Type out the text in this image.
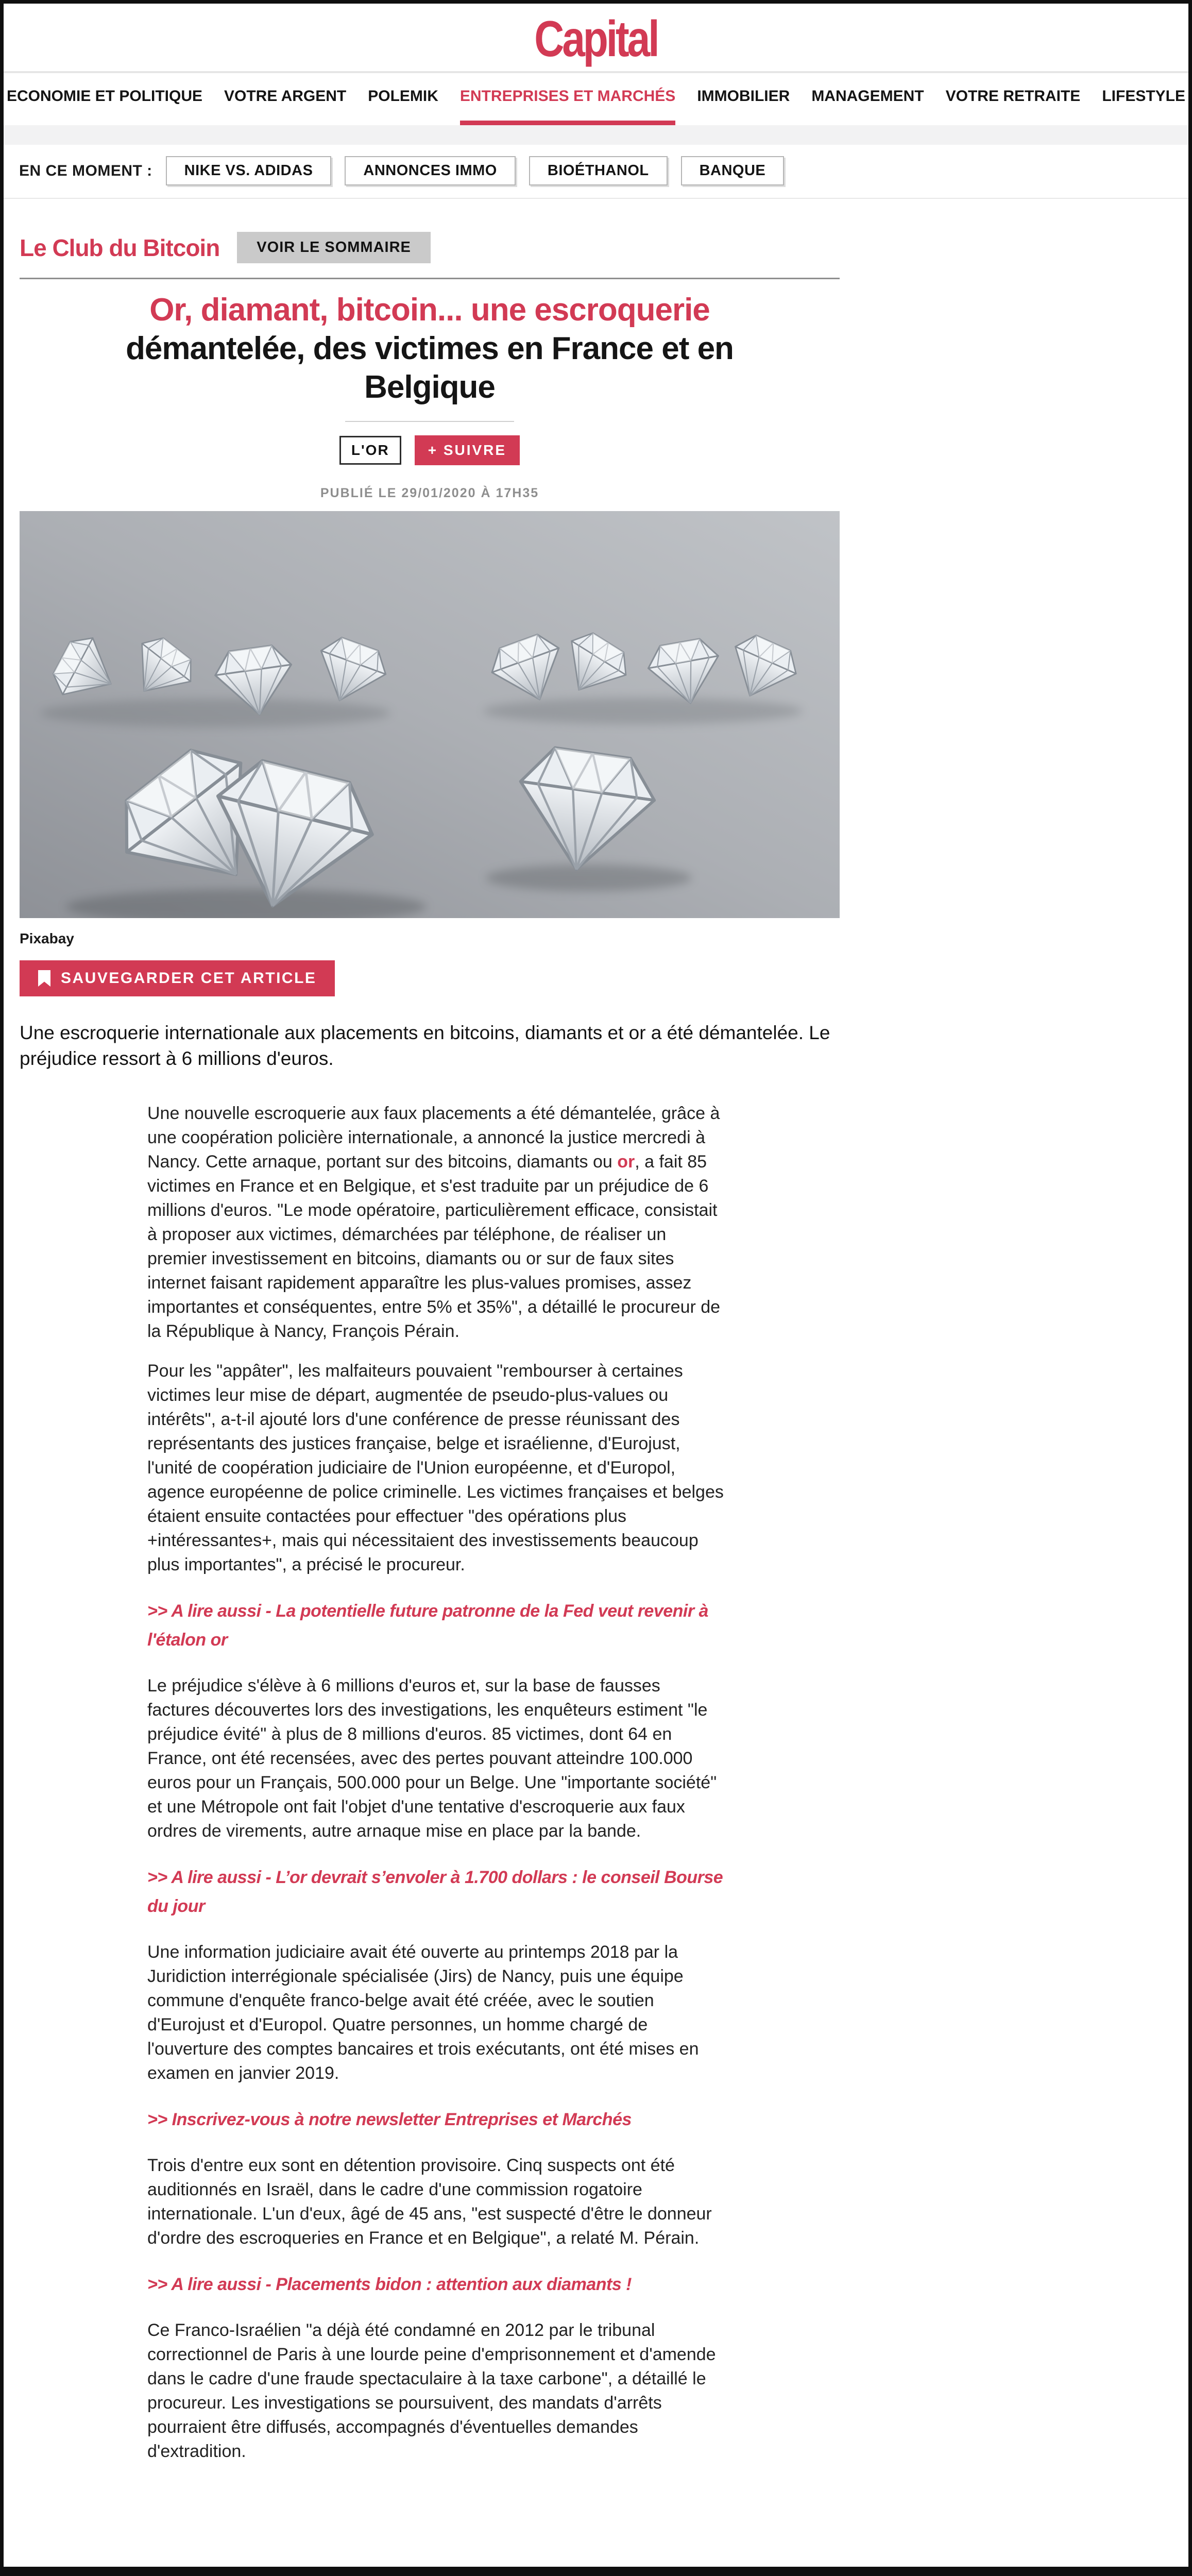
Capital
ECONOMIE ET POLITIQUE VOTRE ARGENT POLEMIK ENTREPRISES ET MARCHÉS IMMOBILIER MANAGEMENT VOTRE RETRAITE LIFESTYLE
EN CE MOMENT :	NIKE VS. ADIDAS	ANNONCES IMMO	BIOÉTHANOL	BANQUE
Le Club du Bitcoin	VOIR LE SOMMAIRE
Or, diamant, bitcoin... une escroquerie
démantelée, des victimes en France et en Belgique
L'OR	+ SUIVRE
PUBLIÉ LE 29/01/2020 À 17H35
Pixabay
SAUVEGARDER CET ARTICLE

Une escroquerie internationale aux placements en bitcoins, diamants et or a été démantelée. Le préjudice ressort à 6 millions d'euros.

Une nouvelle escroquerie aux faux placements a été démantelée, grâce à une coopération policière internationale, a annoncé la justice mercredi à Nancy. Cette arnaque, portant sur des bitcoins, diamants ou or, a fait 85 victimes en France et en Belgique, et s'est traduite par un préjudice de 6 millions d'euros. "Le mode opératoire, particulièrement efficace, consistait à proposer aux victimes, démarchées par téléphone, de réaliser un premier investissement en bitcoins, diamants ou or sur de faux sites internet faisant rapidement apparaître les plus-values promises, assez importantes et conséquentes, entre 5% et 35%", a détaillé le procureur de la République à Nancy, François Pérain.

Pour les "appâter", les malfaiteurs pouvaient "rembourser à certaines victimes leur mise de départ, augmentée de pseudo-plus-values ou intérêts", a-t-il ajouté lors d'une conférence de presse réunissant des représentants des justices française, belge et israélienne, d'Eurojust, l'unité de coopération judiciaire de l'Union européenne, et d'Europol, agence européenne de police criminelle. Les victimes françaises et belges étaient ensuite contactées pour effectuer "des opérations plus +intéressantes+, mais qui nécessitaient des investissements beaucoup plus importantes", a précisé le procureur.

>> A lire aussi - La potentielle future patronne de la Fed veut revenir à l'étalon or

Le préjudice s'élève à 6 millions d'euros et, sur la base de fausses factures découvertes lors des investigations, les enquêteurs estiment "le préjudice évité" à plus de 8 millions d'euros. 85 victimes, dont 64 en France, ont été recensées, avec des pertes pouvant atteindre 100.000 euros pour un Français, 500.000 pour un Belge. Une "importante société" et une Métropole ont fait l'objet d'une tentative d'escroquerie aux faux ordres de virements, autre arnaque mise en place par la bande.

>> A lire aussi - L’or devrait s’envoler à 1.700 dollars : le conseil Bourse du jour

Une information judiciaire avait été ouverte au printemps 2018 par la Juridiction interrégionale spécialisée (Jirs) de Nancy, puis une équipe commune d'enquête franco-belge avait été créée, avec le soutien d'Eurojust et d'Europol. Quatre personnes, un homme chargé de l'ouverture des comptes bancaires et trois exécutants, ont été mises en examen en janvier 2019.

>> Inscrivez-vous à notre newsletter Entreprises et Marchés

Trois d'entre eux sont en détention provisoire. Cinq suspects ont été auditionnés en Israël, dans le cadre d'une commission rogatoire internationale. L'un d'eux, âgé de 45 ans, "est suspecté d'être le donneur d'ordre des escroqueries en France et en Belgique", a relaté M. Pérain.

>> A lire aussi - Placements bidon : attention aux diamants !

Ce Franco-Israélien "a déjà été condamné en 2012 par le tribunal correctionnel de Paris à une lourde peine d'emprisonnement et d'amende dans le cadre d'une fraude spectaculaire à la taxe carbone", a détaillé le procureur. Les investigations se poursuivent, des mandats d'arrêts pourraient être diffusés, accompagnés d'éventuelles demandes d'extradition.
